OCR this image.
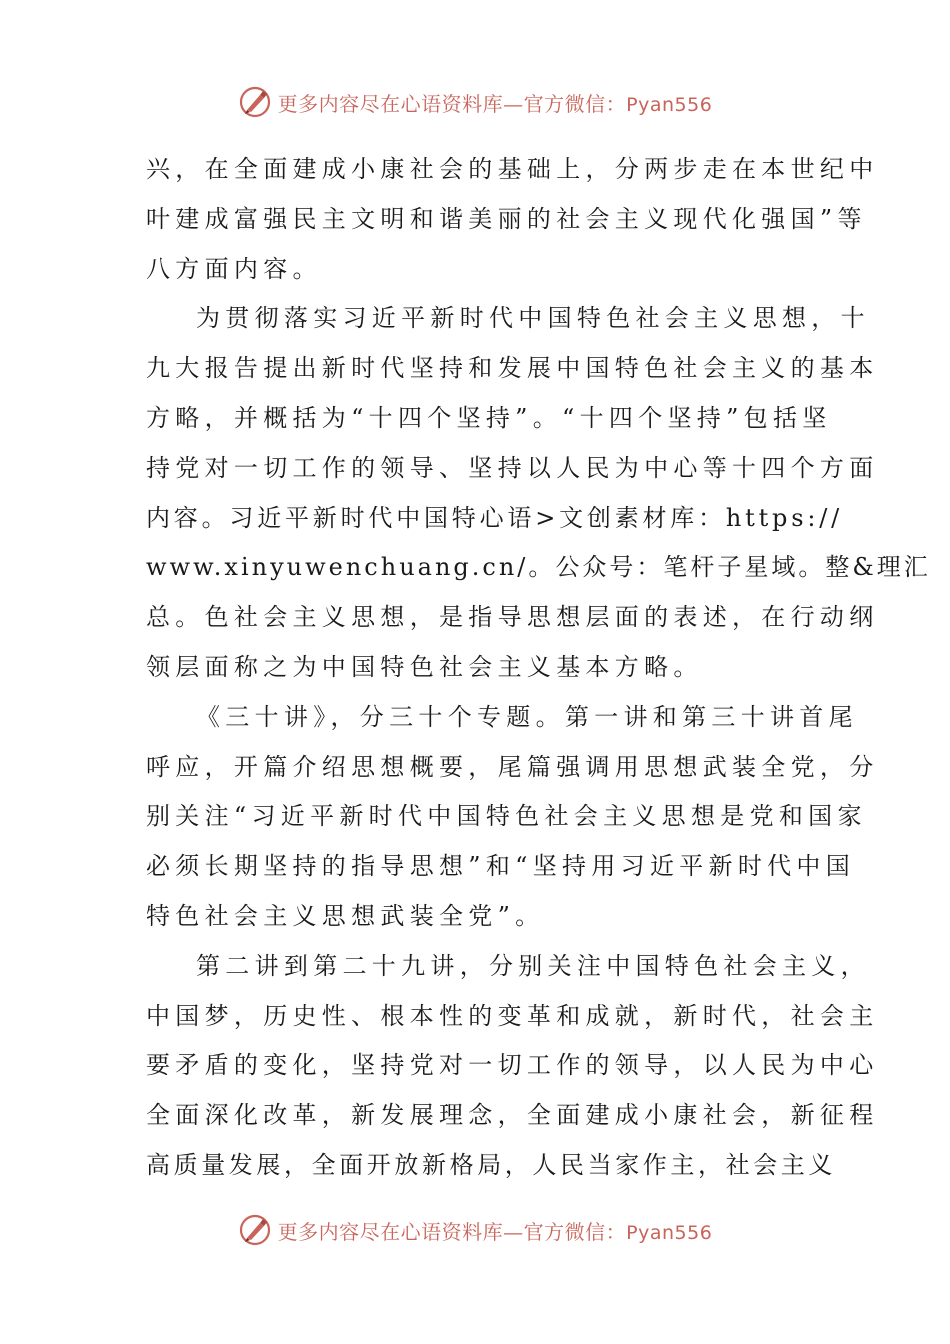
更多内容尽在心语资料库—官方微信：Pyan556
兴，在全面建成小康社会的基础上，分两步走在本世纪中
叶建成富强民主文明和谐美丽的社会主义现代化强国”等
八方面内容。
为贯彻落实习近平新时代中国特色社会主义思想，十
九大报告提出新时代坚持和发展中国特色社会主义的基本
方略，并概括为“十四个坚持”。“十四个坚持”包括坚
持党对一切工作的领导、坚持以人民为中心等十四个方面
内容。习近平新时代中国特心语>文创素材库：https://
www.xinyuwenchuang.cn/。公众号：笔杆子星域。整&理汇
总。色社会主义思想，是指导思想层面的表述，在行动纲
领层面称之为中国特色社会主义基本方略。
《三十讲》，分三十个专题。第一讲和第三十讲首尾
呼应，开篇介绍思想概要，尾篇强调用思想武装全党，分
别关注“习近平新时代中国特色社会主义思想是党和国家
必须长期坚持的指导思想”和“坚持用习近平新时代中国
特色社会主义思想武装全党”。
第二讲到第二十九讲，分别关注中国特色社会主义，
中国梦，历史性、根本性的变革和成就，新时代，社会主
要矛盾的变化，坚持党对一切工作的领导，以人民为中心
全面深化改革，新发展理念，全面建成小康社会，新征程
高质量发展，全面开放新格局，人民当家作主，社会主义
更多内容尽在心语资料库—官方微信：Pyan556
